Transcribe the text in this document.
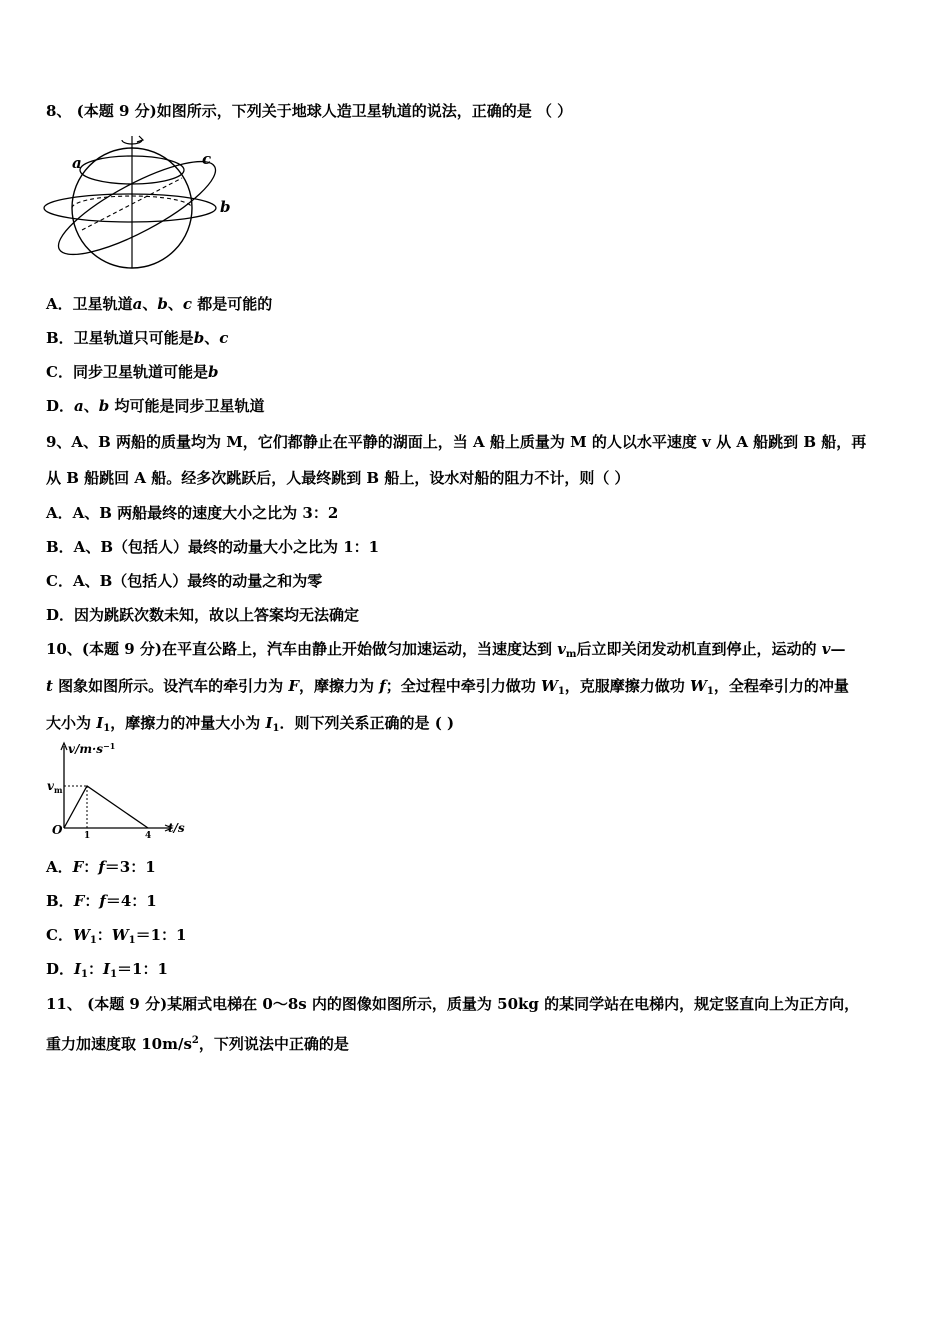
8、 (本题 9 分)如图所示，下列关于地球人造卫星轨道的说法，正确的是 （ ）
a
b
c
A．卫星轨道a、b、c 都是可能的
B．卫星轨道只可能是b、c
C．同步卫星轨道可能是b
D．a、b 均可能是同步卫星轨道
9、A、B 两船的质量均为 M，它们都静止在平静的湖面上，当 A 船上质量为 M 的人以水平速度 v 从 A 船跳到 B 船，再
从 B 船跳回 A 船。经多次跳跃后，人最终跳到 B 船上，设水对船的阻力不计，则（ ）
A．A、B 两船最终的速度大小之比为 3：2
B．A、B（包括人）最终的动量大小之比为 1：1
C．A、B（包括人）最终的动量之和为零
D．因为跳跃次数未知，故以上答案均无法确定
10、(本题 9 分)在平直公路上，汽车由静止开始做匀加速运动，当速度达到 $v_m$后立即关闭发动机直到停止，运动的 v—
t 图象如图所示。设汽车的牵引力为 F，摩擦力为 f；全过程中牵引力做功 $W_1$，克服摩擦力做功 $W_1$，全程牵引力的冲量
大小为 $I_1$，摩擦力的冲量大小为 $I_1$．则下列关系正确的是 ( )
$v/m\cdot s^{-1}$
$v_m$
O 1	4
t/s
A．F：f＝3：1
B．F：f＝4：1
C．$W_1$：$W_1=1$：1
D．$I_1$：$I_1=1$：1
11、 (本题 9 分)某厢式电梯在 0～8s 内的图像如图所示，质量为 50kg 的某同学站在电梯内，规定竖直向上为正方向，
重力加速度取 $10m/s^2$，下列说法中正确的是
